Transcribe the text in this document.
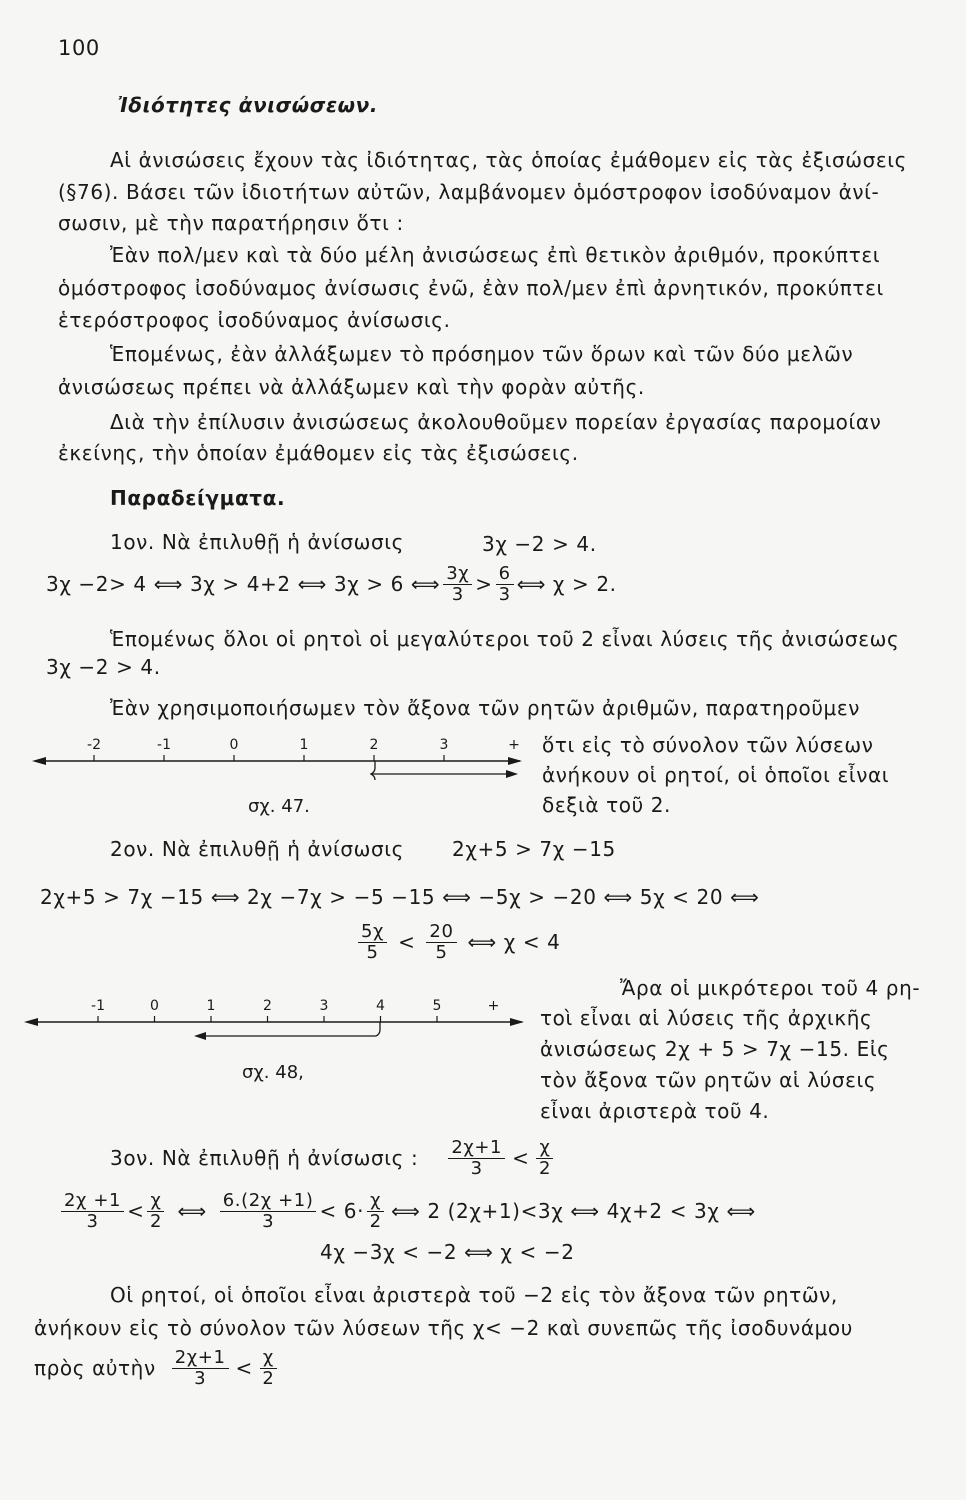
100
Ἰδιότητες ἀνισώσεων.
Αἱ ἀνισώσεις ἔχουν τὰς ἰδιότητας, τὰς ὁποίας ἐμάθομεν εἰς τὰς ἐξισώσεις
(§76). Βάσει τῶν ἰδιοτήτων αὐτῶν, λαμβάνομεν ὁμόστροφον ἰσοδύναμον ἀνί-
σωσιν, μὲ τὴν παρατήρησιν ὅτι :
Ἐὰν πολ/μεν καὶ τὰ δύο μέλη ἀνισώσεως ἐπὶ θετικὸν ἀριθμόν, προκύπτει
ὁμόστροφος ἰσοδύναμος ἀνίσωσις ἐνῶ, ἐὰν πολ/μεν ἐπὶ ἀρνητικόν, προκύπτει
ἑτερόστροφος ἰσοδύναμος ἀνίσωσις.
Ἑπομένως, ἐὰν ἀλλάξωμεν τὸ πρόσημον τῶν ὅρων καὶ τῶν δύο μελῶν
ἀνισώσεως πρέπει νὰ ἀλλάξωμεν καὶ τὴν φορὰν αὐτῆς.
Διὰ τὴν ἐπίλυσιν ἀνισώσεως ἀκολουθοῦμεν πορείαν ἐργασίας παρομοίαν
ἐκείνης, τὴν ὁποίαν ἐμάθομεν εἰς τὰς ἐξισώσεις.
Παραδείγματα.
1ον. Νὰ ἐπιλυθῇ ἡ ἀνίσωσις	3χ −2 > 4.
3χ −2> 4 ⟺ 3χ > 4+2 ⟺ 3χ > 6 ⟺ $\frac{3\chi}{3} > \frac{6}{3}$ ⟺ χ > 2.
Ἑπομένως ὅλοι οἱ ρητοὶ οἱ μεγαλύτεροι τοῦ 2 εἶναι λύσεις τῆς ἀνισώσεως
3χ −2 > 4.
Ἐὰν χρησιμοποιήσωμεν τὸν ἄξονα τῶν ρητῶν ἀριθμῶν, παρατηροῦμεν
-2	-1	0	1	2	3	+
σχ. 47.
ὅτι εἰς τὸ σύνολον τῶν λύσεων
ἀνήκουν οἱ ρητοί, οἱ ὁποῖοι εἶναι
δεξιὰ τοῦ 2.
2ον. Νὰ ἐπιλυθῇ ἡ ἀνίσωσις 2χ+5 > 7χ −15
2χ+5 > 7χ −15 ⟺ 2χ −7χ > −5 −15 ⟺ −5χ > −20 ⟺ 5χ < 20 ⟺
$\frac{5\chi}{5} < \frac{20}{5}$ ⟺ χ < 4
-1	0	1	2	3	4	5	+
σχ. 48,
Ἄρα οἱ μικρότεροι τοῦ 4 ρη-
τοὶ εἶναι αἱ λύσεις τῆς ἀρχικῆς
ἀνισώσεως 2χ + 5 > 7χ −15. Εἰς
τὸν ἄξονα τῶν ρητῶν αἱ λύσεις
εἶναι ἀριστερὰ τοῦ 4.
3ον. Νὰ ἐπιλυθῇ ἡ ἀνίσωσις : $\frac{2\chi+1}{3} < \frac{\chi}{2}$
$\frac{2\chi +1}{3} < \frac{\chi}{2}$ ⟺ $\frac{6.(2\chi +1)}{3} < 6\cdot \frac{\chi}{2}$ ⟺ 2 (2χ+1)<3χ ⟺ 4χ+2 < 3χ ⟺
4χ −3χ < −2 ⟺ χ < −2
Οἱ ρητοί, οἱ ὁποῖοι εἶναι ἀριστερὰ τοῦ −2 εἰς τὸν ἄξονα τῶν ρητῶν,
ἀνήκουν εἰς τὸ σύνολον τῶν λύσεων τῆς χ< −2 καὶ συνεπῶς τῆς ἰσοδυνάμου
πρὸς αὐτὴν $\frac{2\chi+1}{3} < \frac{\chi}{2}$
